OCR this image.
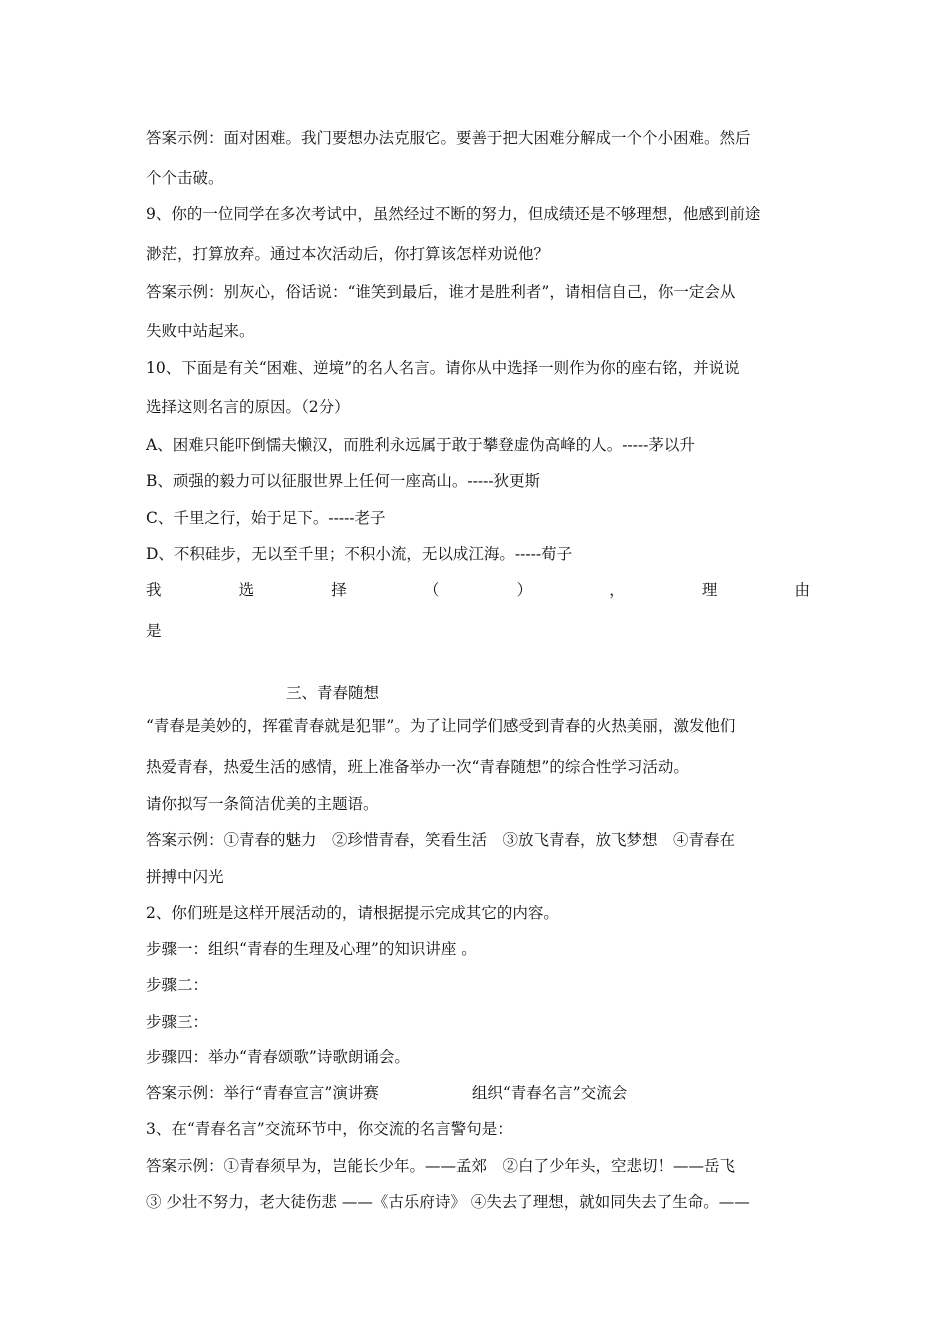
答案示例：面对困难。我门要想办法克服它。要善于把大困难分解成一个个小困难。然后
个个击破。
9、你的一位同学在多次考试中，虽然经过不断的努力，但成绩还是不够理想，他感到前途
渺茫，打算放弃。通过本次活动后，你打算该怎样劝说他？
答案示例：别灰心，俗话说：“谁笑到最后，谁才是胜利者”，请相信自己，你一定会从
失败中站起来。
10、下面是有关“困难、逆境”的名人名言。请你从中选择一则作为你的座右铭，并说说
选择这则名言的原因。（2分）
A、困难只能吓倒懦夫懒汉，而胜利永远属于敢于攀登虚伪高峰的人。-----茅以升
B、顽强的毅力可以征服世界上任何一座高山。-----狄更斯
C、千里之行，始于足下。-----老子
D、不积硅步，无以至千里；不积小流，无以成江海。-----荀子
我	选	择	（	）	，	理	由
是
三、青春随想
“青春是美妙的，挥霍青春就是犯罪”。为了让同学们感受到青春的火热美丽，激发他们
热爱青春，热爱生活的感情，班上准备举办一次“青春随想”的综合性学习活动。
请你拟写一条简洁优美的主题语。
答案示例：①青春的魅力　②珍惜青春，笑看生活　③放飞青春，放飞梦想　④青春在
拼搏中闪光
2、你们班是这样开展活动的，请根据提示完成其它的内容。
步骤一：组织“青春的生理及心理”的知识讲座 。
步骤二：
步骤三：
步骤四：举办“青春颂歌”诗歌朗诵会。
答案示例：举行“青春宣言”演讲赛　　　　　　组织“青春名言”交流会
3、在“青春名言”交流环节中，你交流的名言警句是：
答案示例：①青春须早为，岂能长少年。——孟郊　②白了少年头，空悲切！——岳飞
③ 少壮不努力，老大徒伤悲 ——《古乐府诗》 ④失去了理想，就如同失去了生命。——
